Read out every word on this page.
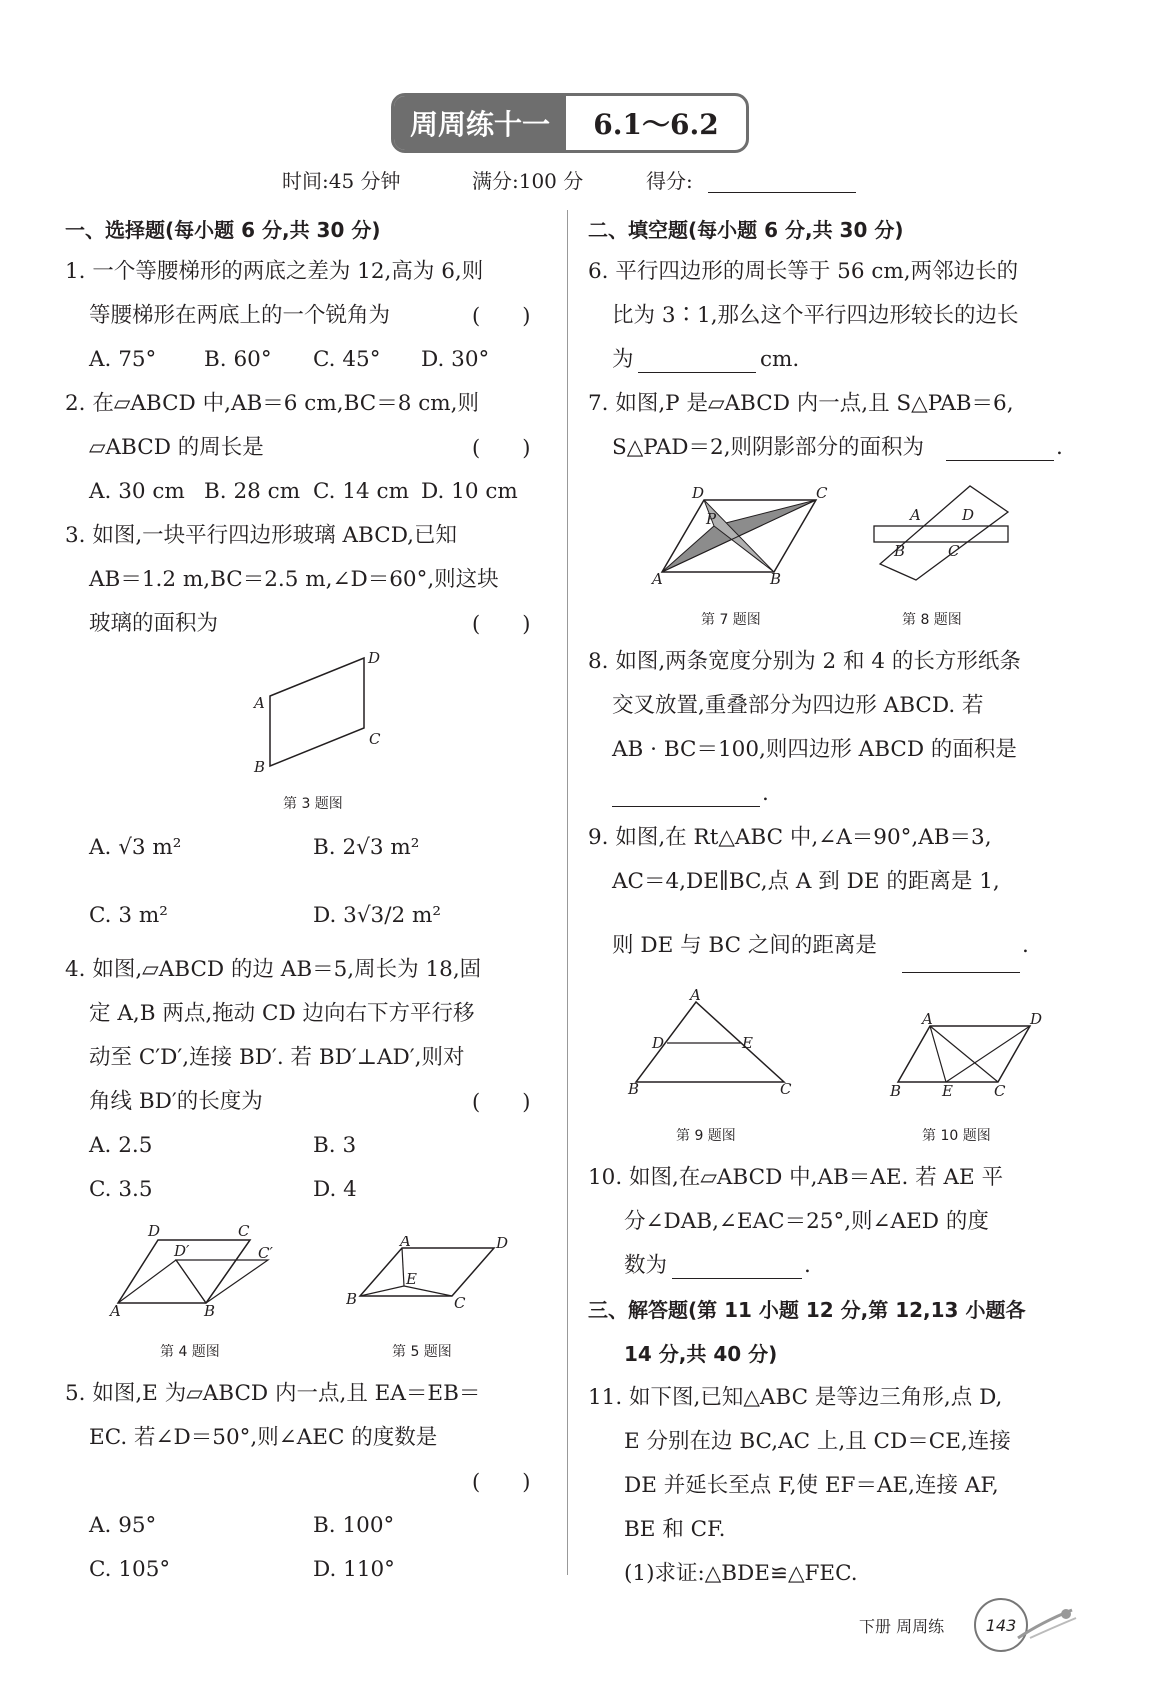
周周练十一	6.1～6.2
时间:45 分钟	满分:100 分	得分:
一、选择题(每小题 6 分,共 30 分)
1. 一个等腰梯形的两底之差为 12,高为 6,则
等腰梯形在两底上的一个锐角为	(　　)
A. 75° B. 60° C. 45° D. 30°
2. 在▱ABCD 中,AB＝6 cm,BC＝8 cm,则
▱ABCD 的周长是	(　　)
A. 30 cm B. 28 cm C. 14 cm D. 10 cm
3. 如图,一块平行四边形玻璃 ABCD,已知
AB＝1.2 m,BC＝2.5 m,∠D＝60°,则这块
玻璃的面积为	(　　)
D
A
C
B
第 3 题图
A. √3 m²	B. 2√3 m²
C. 3 m²	D. 3√3/2 m²
4. 如图,▱ABCD 的边 AB＝5,周长为 18,固
定 A,B 两点,拖动 CD 边向右下方平行移
动至 C′D′,连接 BD′. 若 BD′⊥AD′,则对
角线 BD′的长度为	(　　)
A. 2.5	B. 3
C. 3.5	D. 4
A	B
D	C
D′	C′
第 4 题图
A	D
B
E
C
第 5 题图
5. 如图,E 为▱ABCD 内一点,且 EA＝EB＝
EC. 若∠D＝50°,则∠AEC 的度数是
(　　)
A. 95°	B. 100°
C. 105°	D. 110°
二、填空题(每小题 6 分,共 30 分)
6. 平行四边形的周长等于 56 cm,两邻边长的
比为 3∶1,那么这个平行四边形较长的边长
为	cm.
7. 如图,P 是▱ABCD 内一点,且 S△PAB＝6,
S△PAD＝2,则阴影部分的面积为	.
D	C
P
A	B
第 7 题图
A	D
B	C
第 8 题图
8. 如图,两条宽度分别为 2 和 4 的长方形纸条
交叉放置,重叠部分为四边形 ABCD. 若
AB · BC＝100,则四边形 ABCD 的面积是
.
9. 如图,在 Rt△ABC 中,∠A＝90°,AB＝3,
AC＝4,DE∥BC,点 A 到 DE 的距离是 1,
则 DE 与 BC 之间的距离是	.
A
D	E
B	C
第 9 题图
A	D
B	E	C
第 10 题图
10. 如图,在▱ABCD 中,AB＝AE. 若 AE 平
分∠DAB,∠EAC＝25°,则∠AED 的度
数为	.
三、解答题(第 11 小题 12 分,第 12,13 小题各
14 分,共 40 分)
11. 如下图,已知△ABC 是等边三角形,点 D,
E 分别在边 BC,AC 上,且 CD＝CE,连接
DE 并延长至点 F,使 EF＝AE,连接 AF,
BE 和 CF.
(1)求证:△BDE≌△FEC.
下册 周周练	143
